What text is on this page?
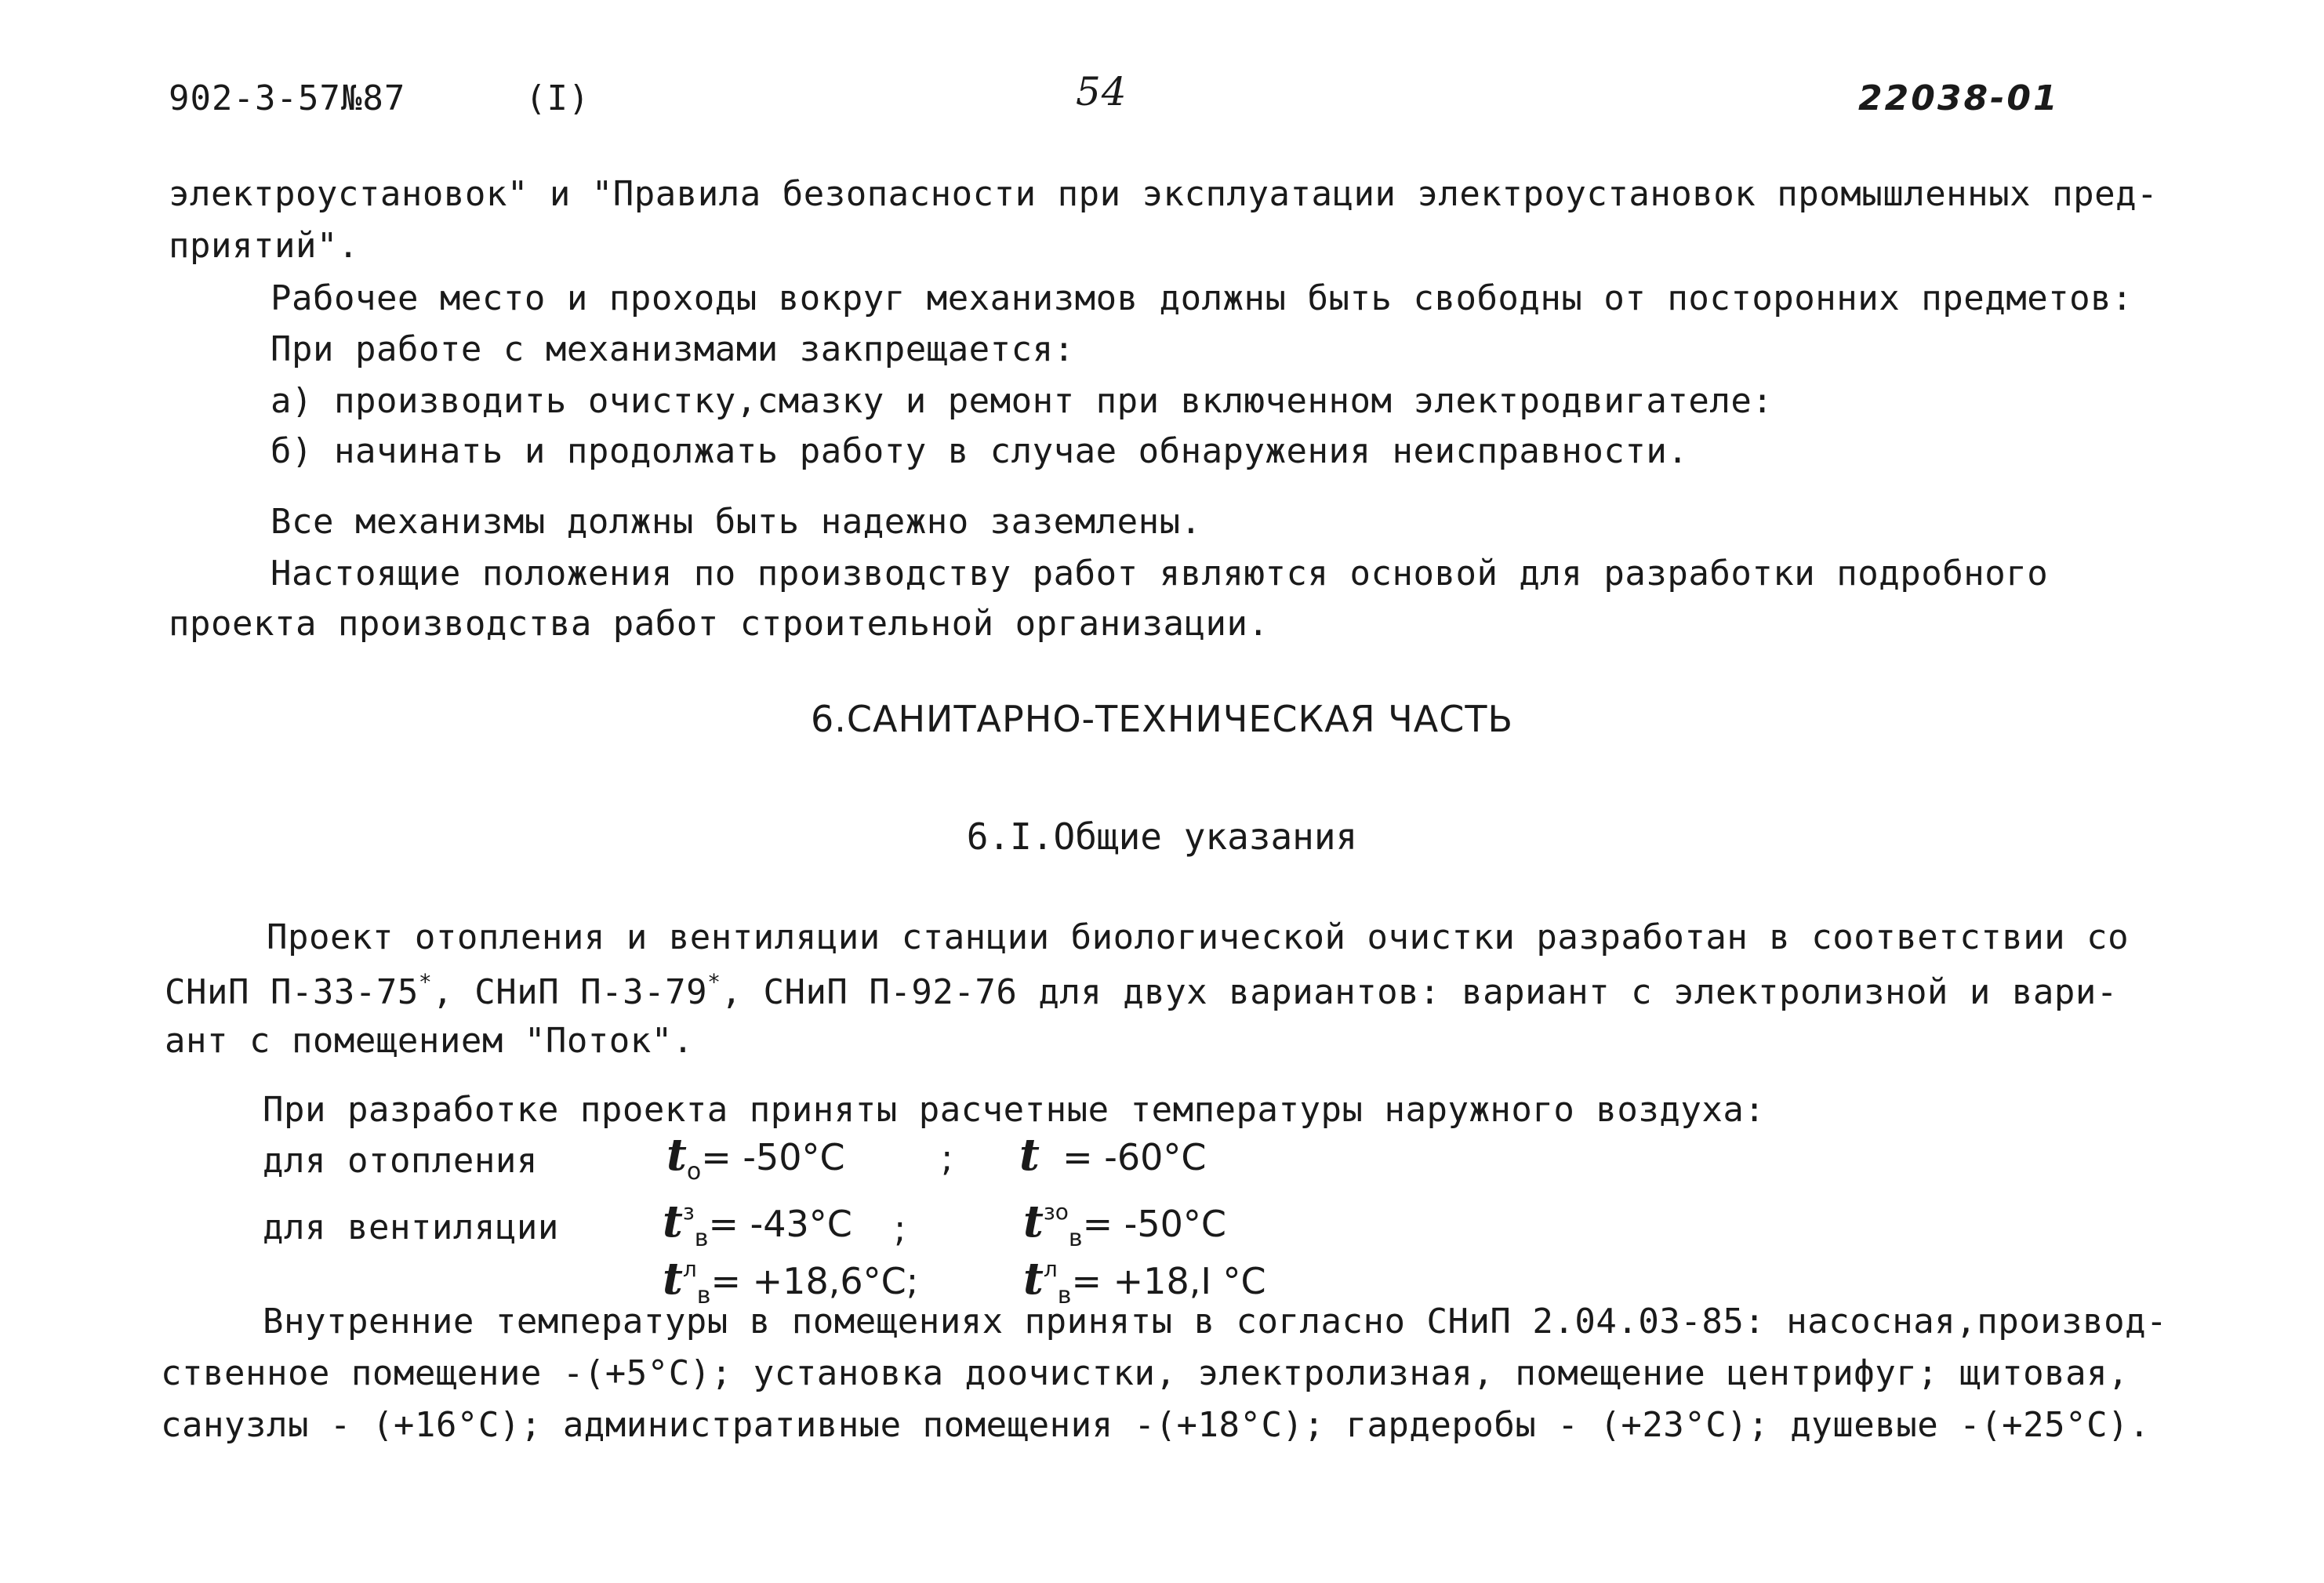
902-3-57№87	(I)	54	22038-01
электроустановок" и "Правила безопасности при эксплуатации электроустановок промышленных пред-
приятий".
Рабочее место и проходы вокруг механизмов должны быть свободны от посторонних предметов:
При работе с механизмами закпрещается:
а) производить очистку,смазку и ремонт при включенном электродвигателе:
б) начинать и продолжать работу в случае обнаружения неисправности.
Все механизмы должны быть надежно заземлены.
Настоящие положения по производству работ являются основой для разработки подробного
проекта производства работ строительной организации.
6.САНИТАРНО-ТЕХНИЧЕСКАЯ ЧАСТЬ
6.I.Общие указания
Проект отопления и вентиляции станции биологической очистки разработан в соответствии со
СНиП П-33-75*, СНиП П-3-79*, СНиП П-92-76 для двух вариантов: вариант с электролизной и вари-
ант с помещением "Поток".
При разработке проекта приняты расчетные температуры наружного воздуха:
для отопления	$t_o= -50^\circ C$	; t = -60°C
для вентиляции $t^з_в= -43^\circ C$ ;	$t^{зo}_в= -50^\circ C$
$t^л_в= +18,6^\circ C$; $t^л_в= +18,I$ °C
Внутренние температуры в помещениях приняты в согласно СНиП 2.04.03-85: насосная,производ-
ственное помещение -(+5°C); установка доочистки, электролизная, помещение центрифуг; щитовая,
санузлы - (+16°C); административные помещения -(+18°C); гардеробы - (+23°C); душевые -(+25°C).
